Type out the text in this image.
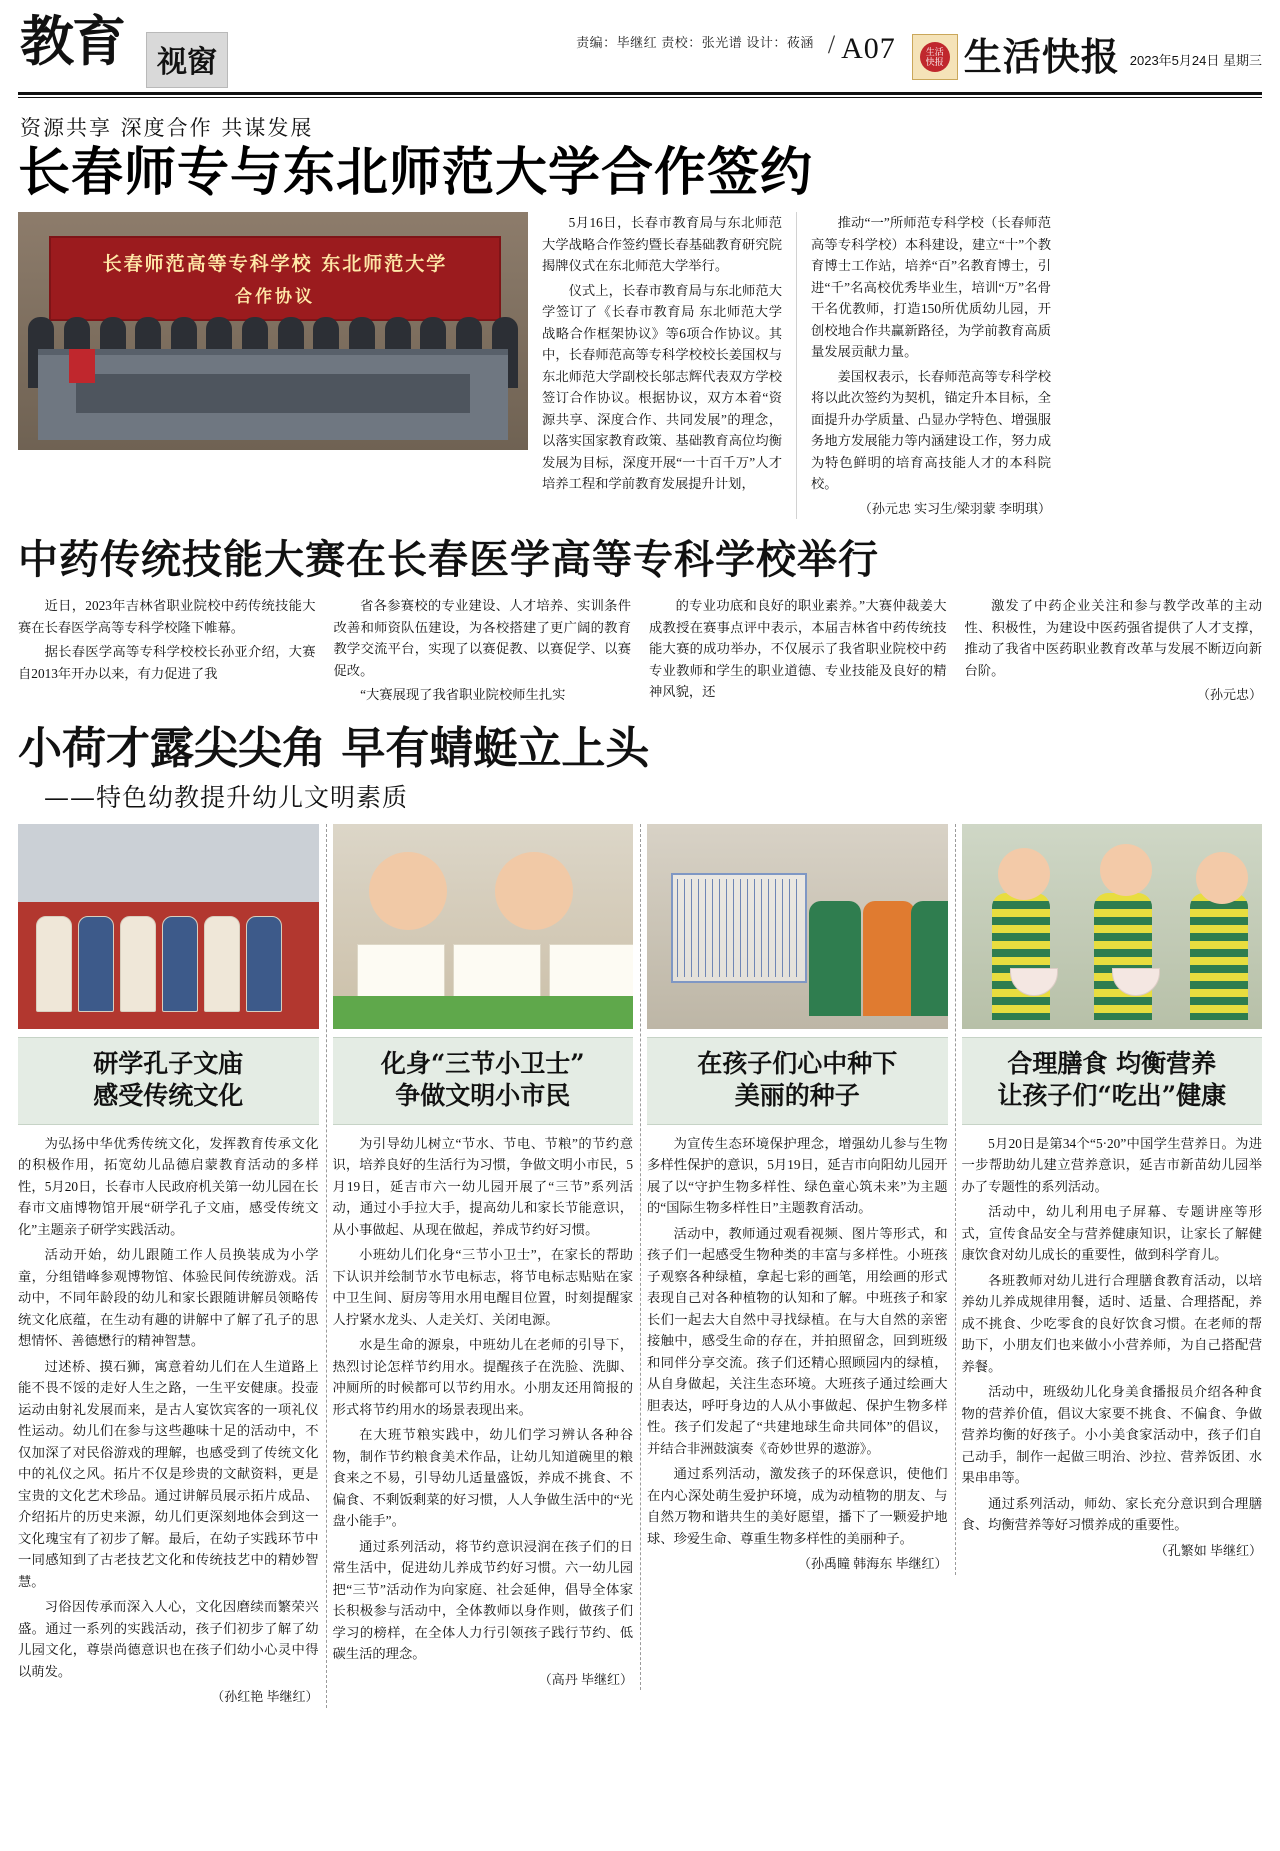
教育	视窗
责编：毕继红 责校：张光谱 设计：莜涵 / A07	生活
快报 生活快报 2023年5月24日 星期三
资源共享 深度合作 共谋发展
长春师专与东北师范大学合作签约
长春师范高等专科学校 东北师范大学
合作协议

5月16日，长春市教育局与东北师范大学战略合作签约暨长春基础教育研究院揭牌仪式在东北师范大学举行。

仪式上，长春市教育局与东北师范大学签订了《长春市教育局 东北师范大学战略合作框架协议》等6项合作协议。其中，长春师范高等专科学校校长姜国权与东北师范大学副校长邬志辉代表双方学校签订合作协议。根据协议，双方本着“资源共享、深度合作、共同发展”的理念，以落实国家教育政策、基础教育高位均衡发展为目标，深度开展“一十百千万”人才培养工程和学前教育发展提升计划，

推动“一”所师范专科学校（长春师范高等专科学校）本科建设，建立“十”个教育博士工作站，培养“百”名教育博士，引进“千”名高校优秀毕业生，培训“万”名骨干名优教师，打造150所优质幼儿园，开创校地合作共赢新路径，为学前教育高质量发展贡献力量。

姜国权表示，长春师范高等专科学校将以此次签约为契机，锚定升本目标，全面提升办学质量、凸显办学特色、增强服务地方发展能力等内涵建设工作，努力成为特色鲜明的培育高技能人才的本科院校。

（孙元忠 实习生/梁羽蒙 李明琪）

中药传统技能大赛在长春医学高等专科学校举行

近日，2023年吉林省职业院校中药传统技能大赛在长春医学高等专科学校隆下帷幕。

据长春医学高等专科学校校长孙亚介绍，大赛自2013年开办以来，有力促进了我

省各参赛校的专业建设、人才培养、实训条件改善和师资队伍建设，为各校搭建了更广阔的教育教学交流平台，实现了以赛促教、以赛促学、以赛促改。

“大赛展现了我省职业院校师生扎实

的专业功底和良好的职业素养。”大赛仲裁姜大成教授在赛事点评中表示，本届吉林省中药传统技能大赛的成功举办，不仅展示了我省职业院校中药专业教师和学生的职业道德、专业技能及良好的精神风貌，还

激发了中药企业关注和参与教学改革的主动性、积极性，为建设中医药强省提供了人才支撑，推动了我省中医药职业教育改革与发展不断迈向新台阶。

（孙元忠）

小荷才露尖尖角 早有蜻蜓立上头
——特色幼教提升幼儿文明素质
研学孔子文庙
感受传统文化

为弘扬中华优秀传统文化，发挥教育传承文化的积极作用，拓宽幼儿品德启蒙教育活动的多样性，5月20日，长春市人民政府机关第一幼儿园在长春市文庙博物馆开展“研学孔子文庙，感受传统文化”主题亲子研学实践活动。

活动开始，幼儿跟随工作人员换装成为小学童，分组错峰参观博物馆、体验民间传统游戏。活动中，不同年龄段的幼儿和家长跟随讲解员领略传统文化底蕴，在生动有趣的讲解中了解了孔子的思想情怀、善德懋行的精神智慧。

过述桥、摸石狮，寓意着幼儿们在人生道路上能不畏不馁的走好人生之路，一生平安健康。投壶运动由射礼发展而来，是古人宴饮宾客的一项礼仪性运动。幼儿们在参与这些趣味十足的活动中，不仅加深了对民俗游戏的理解，也感受到了传统文化中的礼仪之风。拓片不仅是珍贵的文献资料，更是宝贵的文化艺术珍品。通过讲解员展示拓片成品、介绍拓片的历史来源，幼儿们更深刻地体会到这一文化瑰宝有了初步了解。最后，在幼子实践环节中一同感知到了古老技艺文化和传统技艺中的精妙智慧。

习俗因传承而深入人心，文化因磨续而繁荣兴盛。通过一系列的实践活动，孩子们初步了解了幼儿园文化，尊崇尚德意识也在孩子们幼小心灵中得以萌发。

（孙红艳 毕继红）

化身“三节小卫士”
争做文明小市民

为引导幼儿树立“节水、节电、节粮”的节约意识，培养良好的生活行为习惯，争做文明小市民，5月19日，延吉市六一幼儿园开展了“三节”系列活动，通过小手拉大手，提高幼儿和家长节能意识，从小事做起、从现在做起，养成节约好习惯。

小班幼儿们化身“三节小卫士”，在家长的帮助下认识并绘制节水节电标志，将节电标志贴贴在家中卫生间、厨房等用水用电醒目位置，时刻提醒家人拧紧水龙头、人走关灯、关闭电源。

水是生命的源泉，中班幼儿在老师的引导下，热烈讨论怎样节约用水。提醒孩子在洗脸、洗脚、冲厕所的时候都可以节约用水。小朋友还用简报的形式将节约用水的场景表现出来。

在大班节粮实践中，幼儿们学习辨认各种谷物，制作节约粮食美术作品，让幼儿知道碗里的粮食来之不易，引导幼儿适量盛饭，养成不挑食、不偏食、不剩饭剩菜的好习惯，人人争做生活中的“光盘小能手”。

通过系列活动，将节约意识浸润在孩子们的日常生活中，促进幼儿养成节约好习惯。六一幼儿园把“三节”活动作为向家庭、社会延伸，倡导全体家长积极参与活动中，全体教师以身作则，做孩子们学习的榜样，在全体人力行引领孩子践行节约、低碳生活的理念。

（高丹 毕继红）

在孩子们心中种下
美丽的种子

为宣传生态环境保护理念，增强幼儿参与生物多样性保护的意识，5月19日，延吉市向阳幼儿园开展了以“守护生物多样性、绿色童心筑未来”为主题的“国际生物多样性日”主题教育活动。

活动中，教师通过观看视频、图片等形式，和孩子们一起感受生物种类的丰富与多样性。小班孩子观察各种绿植，拿起七彩的画笔，用绘画的形式表现自己对各种植物的认知和了解。中班孩子和家长们一起去大自然中寻找绿植。在与大自然的亲密接触中，感受生命的存在，并拍照留念，回到班级和同伴分享交流。孩子们还精心照顾园内的绿植，从自身做起，关注生态环境。大班孩子通过绘画大胆表达，呼吁身边的人从小事做起、保护生物多样性。孩子们发起了“共建地球生命共同体”的倡议，并结合非洲鼓演奏《奇妙世界的遨游》。

通过系列活动，激发孩子的环保意识，使他们在内心深处萌生爱护环境，成为动植物的朋友、与自然万物和谐共生的美好愿望，播下了一颗爱护地球、珍爱生命、尊重生物多样性的美丽种子。

（孙禹瞳 韩海东 毕继红）

合理膳食 均衡营养
让孩子们“吃出”健康

5月20日是第34个“5·20”中国学生营养日。为进一步帮助幼儿建立营养意识，延吉市新苗幼儿园举办了专题性的系列活动。

活动中，幼儿利用电子屏幕、专题讲座等形式，宣传食品安全与营养健康知识，让家长了解健康饮食对幼儿成长的重要性，做到科学育儿。

各班教师对幼儿进行合理膳食教育活动，以培养幼儿养成规律用餐，适时、适量、合理搭配，养成不挑食、少吃零食的良好饮食习惯。在老师的帮助下，小朋友们也来做小小营养师，为自己搭配营养餐。

活动中，班级幼儿化身美食播报员介绍各种食物的营养价值，倡议大家要不挑食、不偏食、争做营养均衡的好孩子。小小美食家活动中，孩子们自己动手，制作一起做三明治、沙拉、营养饭团、水果串串等。

通过系列活动，师幼、家长充分意识到合理膳食、均衡营养等好习惯养成的重要性。

（孔繁如 毕继红）
